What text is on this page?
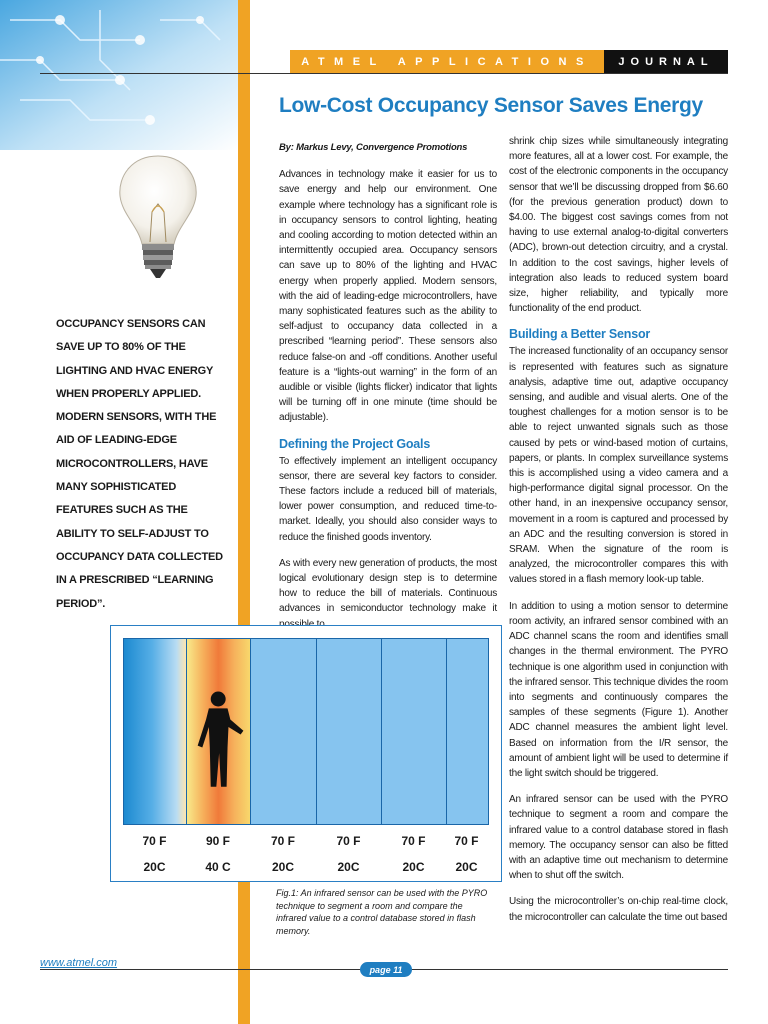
ATMEL APPLICATIONS	JOURNAL
Low-Cost Occupancy Sensor Saves Energy

By: Markus Levy, Convergence Promotions

Advances in technology make it easier for us to save energy and help our environment. One example where technology has a significant role is in occupancy sensors to control lighting, heating and cooling according to motion detected within an intermittently occupied area. Occupancy sensors can save up to 80% of the lighting and HVAC energy when properly applied. Modern sensors, with the aid of leading-edge microcontrollers, have many sophisticated features such as the ability to self-adjust to occupancy data collected in a prescribed “learning period”. These sensors also reduce false-on and -off conditions. Another useful feature is a “lights-out warning” in the form of an audible or visible (lights flicker) indicator that lights will be turning off in one minute (time should be adjustable).

Defining the Project Goals

To effectively implement an intelligent occupancy sensor, there are several key factors to consider. These factors include a reduced bill of materials, lower power consumption, and reduced time-to-market. Ideally, you should also consider ways to reduce the finished goods inventory.

As with every new generation of products, the most logical evolutionary design step is to determine how to reduce the bill of materials. Continuous advances in semiconductor technology make it

shrink chip sizes while simultaneously integrating more features, all at a lower cost. For example, the cost of the electronic components in the occupancy sensor that we’ll be discussing dropped from $6.60 (for the previous generation product) down to $4.00. The biggest cost savings comes from not having to use external analog-to-digital converters (ADC), brown-out detection circuitry, and a crystal. In addition to the cost savings, higher levels of integration also leads to reduced system board size, higher reliability, and typically more functionality of the end product.

Building a Better Sensor

The increased functionality of an occupancy sensor is represented with features such as signature analysis, adaptive time out, adaptive occupancy sensing, and audible and visual alerts. One of the toughest challenges for a motion sensor is to be able to reject unwanted signals such as those caused by pets or wind-based motion of curtains, papers, or plants. In complex surveillance systems this is accomplished using a video camera and a high-performance digital signal processor. On the other hand, in an inexpensive occupancy sensor, movement in a room is captured and processed by an ADC and the resulting conversion is stored in SRAM. When the signature of the room is analyzed, the microcontroller compares this with values stored in a flash memory look-up table.

In addition to using a motion sensor to determine room activity, an infrared sensor combined with an ADC channel scans the room and identifies small changes in the thermal environment. The PYRO technique is one algorithm used in conjunction with the infrared sensor. This technique divides the room into segments and continuously compares the samples of these segments (Figure 1). Another ADC channel measures the ambient light level. Based on information from the I/R sensor, the amount of ambient light will be used to determine if the light switch should be triggered.

An infrared sensor can be used with the PYRO technique to segment a room and compare the infrared value to a control database stored in flash memory. The occupancy sensor can also be fitted with an adaptive time out mechanism to determine when to shut off the switch.

Using the microcontroller’s on-chip real-time clock, the microcontroller can calculate the time out based

OCCUPANCY SENSORS CAN SAVE UP TO 80% OF THE LIGHTING AND HVAC ENERGY WHEN PROPERLY APPLIED. MODERN SENSORS, WITH THE AID OF LEADING-EDGE MICROCONTROLLERS, HAVE MANY SOPHISTICATED FEATURES SUCH AS THE ABILITY TO SELF-ADJUST TO OCCUPANCY DATA COLLECTED IN A PRESCRIBED “LEARNING PERIOD”.
70 F	90 F	70 F	70 F	70 F	70 F
20C	40 C	20C	20C	20C	20C
Fig.1: An infrared sensor can be used with the PYRO technique to segment a room and compare the infrared value to a control database stored in flash memory.
www.atmel.com
page 11
